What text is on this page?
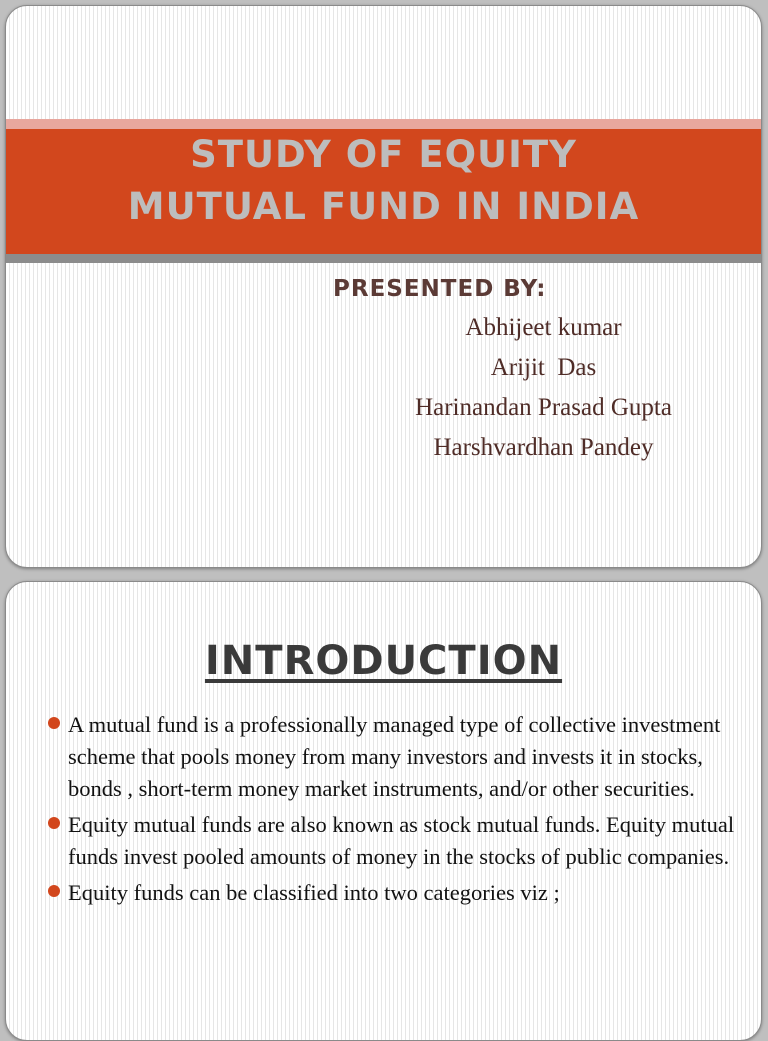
STUDY OF EQUITY
MUTUAL FUND IN INDIA
PRESENTED BY:
Abhijeet kumar
Arijit  Das
Harinandan Prasad Gupta
Harshvardhan Pandey
INTRODUCTION
A mutual fund is a professionally managed type of collective investment scheme that pools money from many investors and invests it in stocks, bonds , short-term money market instruments, and/or other securities.
Equity mutual funds are also known as stock mutual funds. Equity mutual funds invest pooled amounts of money in the stocks of public companies.
Equity funds can be classified into two categories viz ;
